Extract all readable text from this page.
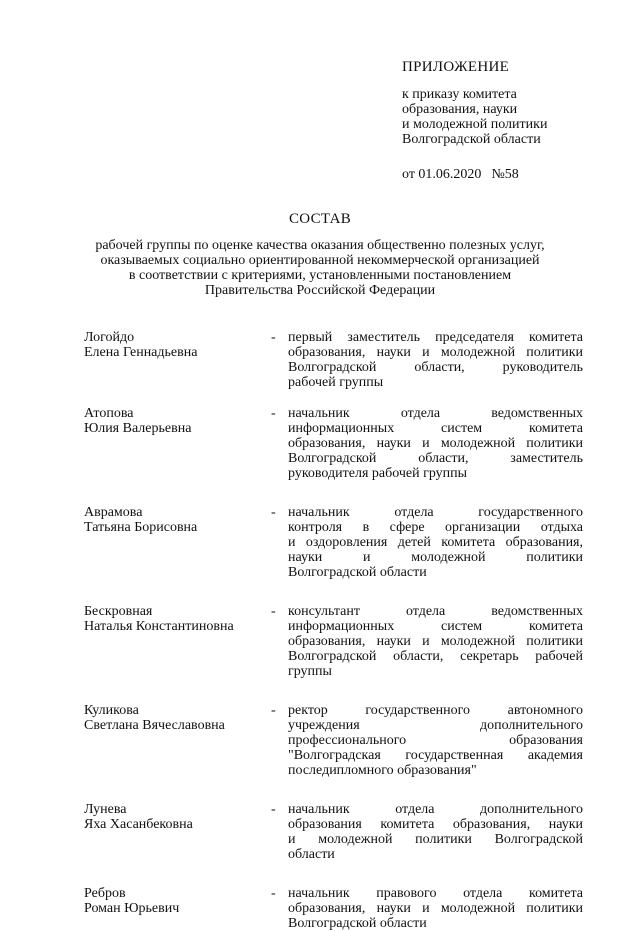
ПРИЛОЖЕНИЕ
к приказу комитета
образования, науки
и молодежной политики
Волгоградской области
от 01.06.2020 №58
СОСТАВ
рабочей группы по оценке качества оказания общественно полезных услуг,
оказываемых социально ориентированной некоммерческой организацией
в соответствии с критериями, установленными постановлением
Правительства Российской Федерации
Логойдо
Елена Геннадьевна
- первый заместитель председателя комитета
образования, науки и молодежной политики
Волгоградской области, руководитель
рабочей группы
Атопова
Юлия Валерьевна
- начальник отдела ведомственных
информационных систем комитета
образования, науки и молодежной политики
Волгоградской области, заместитель
руководителя рабочей группы
Аврамова
Татьяна Борисовна
- начальник отдела государственного
контроля в сфере организации отдыха
и оздоровления детей комитета образования,
науки и молодежной политики
Волгоградской области
Бескровная
Наталья Константиновна
- консультант отдела ведомственных
информационных систем комитета
образования, науки и молодежной политики
Волгоградской области, секретарь рабочей
группы
Куликова
Светлана Вячеславовна
- ректор государственного автономного
учреждения дополнительного
профессионального образования
"Волгоградская государственная академия
последипломного образования"
Лунева
Яха Хасанбековна
- начальник отдела дополнительного
образования комитета образования, науки
и молодежной политики Волгоградской
области
Ребров
Роман Юрьевич
- начальник правового отдела комитета
образования, науки и молодежной политики
Волгоградской области
